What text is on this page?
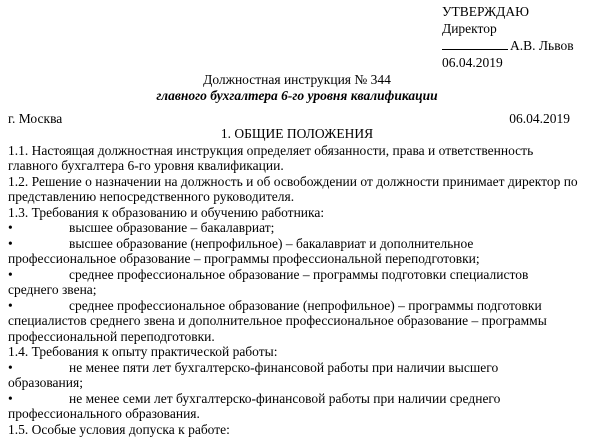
УТВЕРЖДАЮ
Директор
А.В. Львов
06.04.2019
Должностная инструкция № 344
главного бухгалтера 6-го уровня квалификации
г. Москва	06.04.2019
1. ОБЩИЕ ПОЛОЖЕНИЯ

1.1. Настоящая должностная инструкция определяет обязанности, права и ответственность главного бухгалтера 6-го уровня квалификации.

1.2. Решение о назначении на должность и об освобождении от должности принимает директор по представлению непосредственного руководителя.

1.3. Требования к образованию и обучению работника:

•	высшее образование – бакалавриат;
•	высшее образование (непрофильное) – бакалавриат и дополнительное
профессиональное образование – программы профессиональной переподготовки;
•	среднее профессиональное образование – программы подготовки специалистов
среднего звена;
•	среднее профессиональное образование (непрофильное) – программы подготовки
специалистов среднего звена и дополнительное профессиональное образование – программы профессиональной переподготовки.

1.4. Требования к опыту практической работы:

•	не менее пяти лет бухгалтерско-финансовой работы при наличии высшего
образования;
•	не менее семи лет бухгалтерско-финансовой работы при наличии среднего
профессионального образования.

1.5. Особые условия допуска к работе:
